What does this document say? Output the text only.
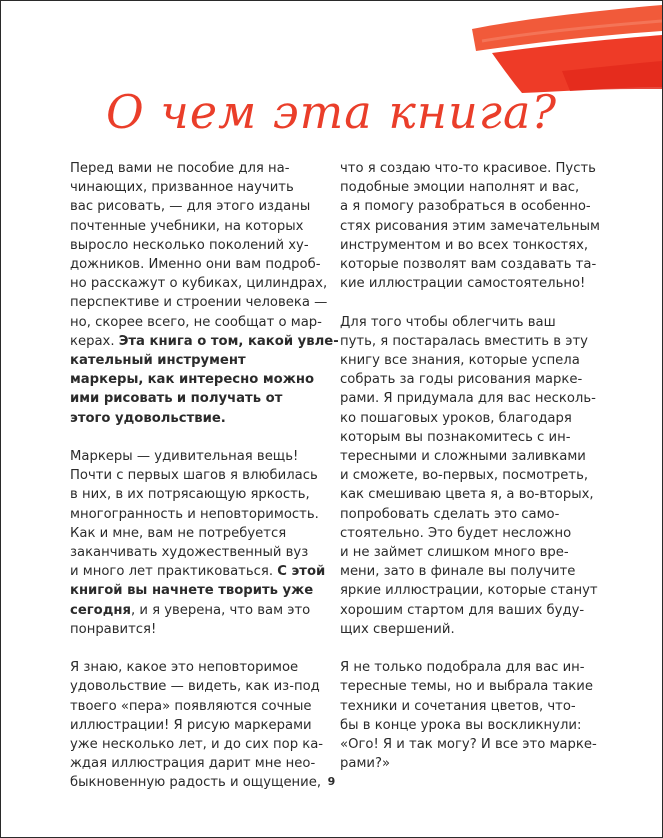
О чем эта книга?

Перед вами не пособие для на-
чинающих, призванное научить
вас рисовать, — для этого изданы
почтенные учебники, на которых
выросло несколько поколений ху-
дожников. Именно они вам подроб-
но расскажут о кубиках, цилиндрах,
перспективе и строении человека —
но, скорее всего, не сообщат о мар-
керах. Эта книга о том, какой увле-
кательный инструмент маркеры, как интересно можно ими рисовать и получать от этого удовольствие.

Маркеры — удивительная вещь!
Почти с первых шагов я влюбилась
в них, в их потрясающую яркость,
многогранность и неповторимость.
Как и мне, вам не потребуется
заканчивать художественный вуз
и много лет практиковаться. С этой
книгой вы начнете творить уже
сегодня, и я уверена, что вам это
понравится!

Я знаю, какое это неповторимое
удовольствие — видеть, как из-под
твоего «пера» появляются сочные
иллюстрации! Я рисую маркерами
уже несколько лет, и до сих пор ка-
ждая иллюстрация дарит мне нео-
быкновенную радость и ощущение,

что я создаю что-то красивое. Пусть
подобные эмоции наполнят и вас,
а я помогу разобраться в особенно-
стях рисования этим замечательным
инструментом и во всех тонкостях,
которые позволят вам создавать та-
кие иллюстрации самостоятельно!

Для того чтобы облегчить ваш
путь, я постаралась вместить в эту
книгу все знания, которые успела
собрать за годы рисования марке-
рами. Я придумала для вас несколь-
ко пошаговых уроков, благодаря
которым вы познакомитесь с ин-
тересными и сложными заливками
и сможете, во-первых, посмотреть,
как смешиваю цвета я, а во-вторых,
попробовать сделать это само-
стоятельно. Это будет несложно
и не займет слишком много вре-
мени, зато в финале вы получите
яркие иллюстрации, которые станут
хорошим стартом для ваших буду-
щих свершений.

Я не только подобрала для вас ин-
тересные темы, но и выбрала такие
техники и сочетания цветов, что-
бы в конце урока вы воскликнули:
«Ого! Я и так могу? И все это марке-
рами?»

9
